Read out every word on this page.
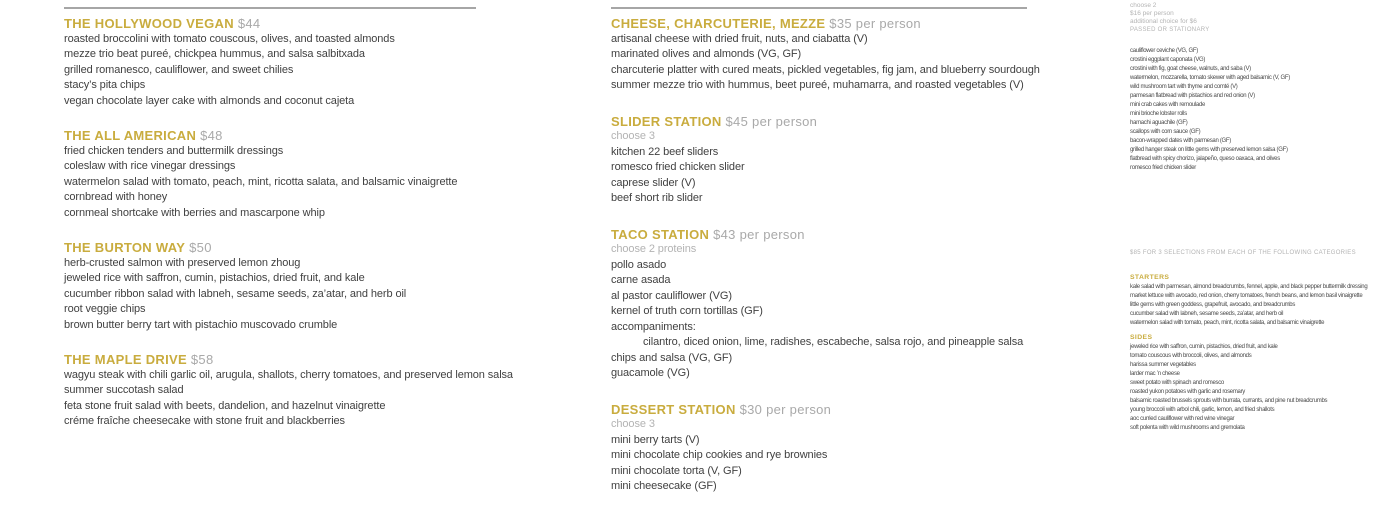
THE HOLLYWOOD VEGAN $44
roasted broccolini with tomato couscous, olives, and toasted almonds
mezze trio beat pureé, chickpea hummus, and salsa salbitxada
grilled romanesco, cauliflower, and sweet chilies
stacy’s pita chips
vegan chocolate layer cake with almonds and coconut cajeta
THE ALL AMERICAN $48
fried chicken tenders and buttermilk dressings
coleslaw with rice vinegar dressings
watermelon salad with tomato, peach, mint, ricotta salata, and balsamic vinaigrette
cornbread with honey
cornmeal shortcake with berries and mascarpone whip
THE BURTON WAY $50
herb-crusted salmon with preserved lemon zhoug
jeweled rice with saffron, cumin, pistachios, dried fruit, and kale
cucumber ribbon salad with labneh, sesame seeds, za’atar, and herb oil
root veggie chips
brown butter berry tart with pistachio muscovado crumble
THE MAPLE DRIVE $58
wagyu steak with chili garlic oil, arugula, shallots, cherry tomatoes, and preserved lemon salsa
summer succotash salad
feta stone fruit salad with beets, dandelion, and hazelnut vinaigrette
créme fraîche cheesecake with stone fruit and blackberries
CHEESE, CHARCUTERIE, MEZZE $35 per person
artisanal cheese with dried fruit, nuts, and ciabatta (V)
marinated olives and almonds (VG, GF)
charcuterie platter with cured meats, pickled vegetables, fig jam, and blueberry sourdough
summer mezze trio with hummus, beet pureé, muhamarra, and roasted vegetables (V)
SLIDER STATION $45 per person
choose 3
kitchen 22 beef sliders
romesco fried chicken slider
caprese slider (V)
beef short rib slider
TACO STATION $43 per person
choose 2 proteins
pollo asado
carne asada
al pastor cauliflower (VG)
kernel of truth corn tortillas (GF)
accompaniments:
cilantro, diced onion, lime, radishes, escabeche, salsa rojo, and pineapple salsa
chips and salsa (VG, GF)
guacamole (VG)
DESSERT STATION $30 per person
choose 3
mini berry tarts (V)
mini chocolate chip cookies and rye brownies
mini chocolate torta (V, GF)
mini cheesecake (GF)
choose 2
$16 per person
additional choice for $6
PASSED OR STATIONARY
cauliflower ceviche (VG, GF)
crostini eggplant caponata (VG)
crostini with fig, goat cheese, walnuts, and saba (V)
watermelon, mozzarella, tomato skewer with aged balsamic (V, GF)
wild mushroom tart with thyme and comté (V)
parmesan flatbread with pistachios and red onion (V)
mini crab cakes with remoulade
mini brioche lobster rolls
hamachi aguachile (GF)
scallops with corn sauce (GF)
bacon-wrapped dates with parmesan (GF)
grilled hanger steak on little gems with preserved lemon salsa (GF)
flatbread with spicy chorizo, jalapeño, queso oaxaca, and olives
romesco fried chicken slider
$85 FOR 3 SELECTIONS FROM EACH OF THE FOLLOWING CATEGORIES
STARTERS
kale salad with parmesan, almond breadcrumbs, fennel, apple, and black pepper buttermilk dressing
market lettuce with avocado, red onion, cherry tomatoes, french beans, and lemon basil vinaigrette
little gems with green goddess, grapefruit, avocado, and breadcrumbs
cucumber salad with labneh, sesame seeds, za’atar, and herb oil
watermelon salad with tomato, peach, mint, ricotta salata, and balsamic vinaigrette
SIDES
jeweled rice with saffron, cumin, pistachios, dried fruit, and kale
tomato couscous with broccoli, olives, and almonds
harissa summer vegetables
larder mac ’n cheese
sweet potato with spinach and romesco
roasted yukon potatoes with garlic and rosemary
balsamic roasted brussels sprouts with burrata, currants, and pine nut breadcrumbs
young broccoli with arbol chili, garlic, lemon, and fried shallots
aoc curried cauliflower with red wine vinegar
soft polenta with wild mushrooms and gremolata
